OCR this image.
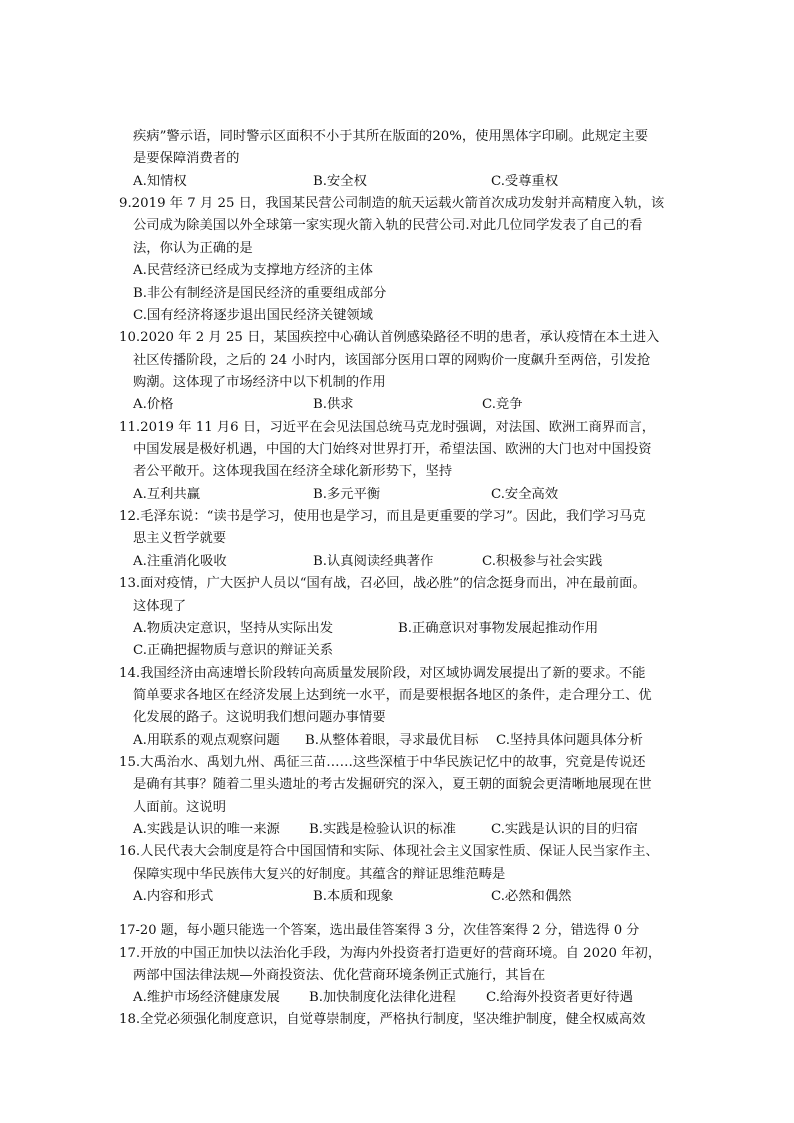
疾病”警示语，同时警示区面积不小于其所在版面的20%，使用黑体字印刷。此规定主要
是要保障消费者的
A.知情权	B.安全权	C.受尊重权
9.2019 年 7 月 25 日，我国某民营公司制造的航天运载火箭首次成功发射并高精度入轨，该
公司成为除美国以外全球第一家实现火箭入轨的民营公司.对此几位同学发表了自己的看
法，你认为正确的是
A.民营经济已经成为支撑地方经济的主体
B.非公有制经济是国民经济的重要组成部分
C.国有经济将逐步退出国民经济关键领域
10.2020 年 2 月 25 日，某国疾控中心确认首例感染路径不明的患者，承认疫情在本土进入
社区传播阶段，之后的 24 小时内，该国部分医用口罩的网购价一度飙升至两倍，引发抢
购潮。这体现了市场经济中以下机制的作用
A.价格	B.供求	C.竞争
11.2019 年 11 月6 日，习近平在会见法国总统马克龙时强调，对法国、欧洲工商界而言，
中国发展是极好机遇，中国的大门始终对世界打开，希望法国、欧洲的大门也对中国投资
者公平敞开。这体现我国在经济全球化新形势下，坚持
A.互利共赢	B.多元平衡	C.安全高效
12.毛泽东说：“读书是学习，使用也是学习，而且是更重要的学习”。因此，我们学习马克
思主义哲学就要
A.注重消化吸收	B.认真阅读经典著作	C.积极参与社会实践
13.面对疫情，广大医护人员以“国有战，召必回，战必胜”的信念挺身而出，冲在最前面。
这体现了
A.物质决定意识，坚持从实际出发	B.正确意识对事物发展起推动作用
C.正确把握物质与意识的辩证关系
14.我国经济由高速增长阶段转向高质量发展阶段，对区域协调发展提出了新的要求。不能
简单要求各地区在经济发展上达到统一水平，而是要根据各地区的条件，走合理分工、优
化发展的路子。这说明我们想问题办事情要
A.用联系的观点观察问题 B.从整体着眼，寻求最优目标 C.坚持具体问题具体分析
15.大禹治水、禹划九州、禹征三苗……这些深植于中华民族记忆中的故事，究竟是传说还
是确有其事？随着二里头遗址的考古发掘研究的深入，夏王朝的面貌会更清晰地展现在世
人面前。这说明
A.实践是认识的唯一来源 B.实践是检验认识的标准	C.实践是认识的目的归宿
16.人民代表大会制度是符合中国国情和实际、体现社会主义国家性质、保证人民当家作主、
保障实现中华民族伟大复兴的好制度。其蕴含的辩证思维范畴是
A.内容和形式	B.本质和现象	C.必然和偶然
17-20 题，每小题只能选一个答案，选出最佳答案得 3 分，次佳答案得 2 分，错选得 0 分
17.开放的中国正加快以法治化手段，为海内外投资者打造更好的营商环境。自 2020 年初，
两部中国法律法规—外商投资法、优化营商环境条例正式施行，其旨在
A.维护市场经济健康发展 B.加快制度化法律化进程 C.给海外投资者更好待遇
18.全党必须强化制度意识，自觉尊崇制度，严格执行制度，坚决维护制度，健全权威高效
